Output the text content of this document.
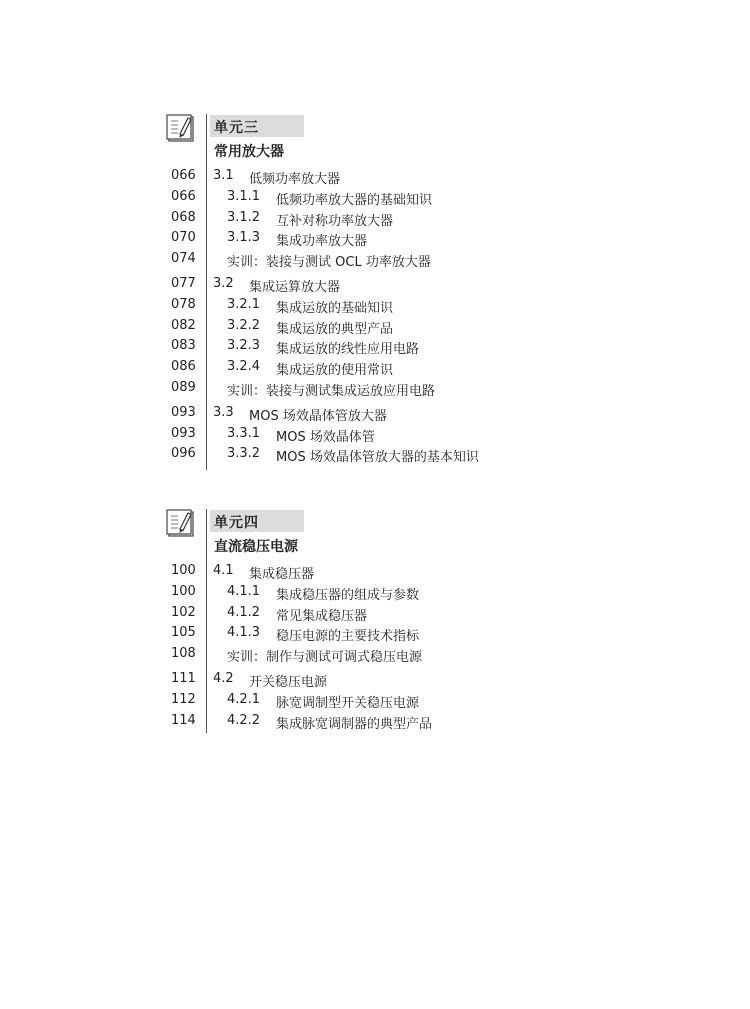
单元三
常用放大器
066	3.1 低频功率放大器
066	3.1.1 低频功率放大器的基础知识
068	3.1.2 互补对称功率放大器
070	3.1.3 集成功率放大器
074	实训：装接与测试 OCL 功率放大器
077	3.2 集成运算放大器
078	3.2.1 集成运放的基础知识
082	3.2.2 集成运放的典型产品
083	3.2.3 集成运放的线性应用电路
086	3.2.4 集成运放的使用常识
089	实训：装接与测试集成运放应用电路
093	3.3 MOS 场效晶体管放大器
093	3.3.1 MOS 场效晶体管
096	3.3.2 MOS 场效晶体管放大器的基本知识
单元四
直流稳压电源
100	4.1 集成稳压器
100	4.1.1 集成稳压器的组成与参数
102	4.1.2 常见集成稳压器
105	4.1.3 稳压电源的主要技术指标
108	实训：制作与测试可调式稳压电源
111	4.2 开关稳压电源
112	4.2.1 脉宽调制型开关稳压电源
114	4.2.2 集成脉宽调制器的典型产品
